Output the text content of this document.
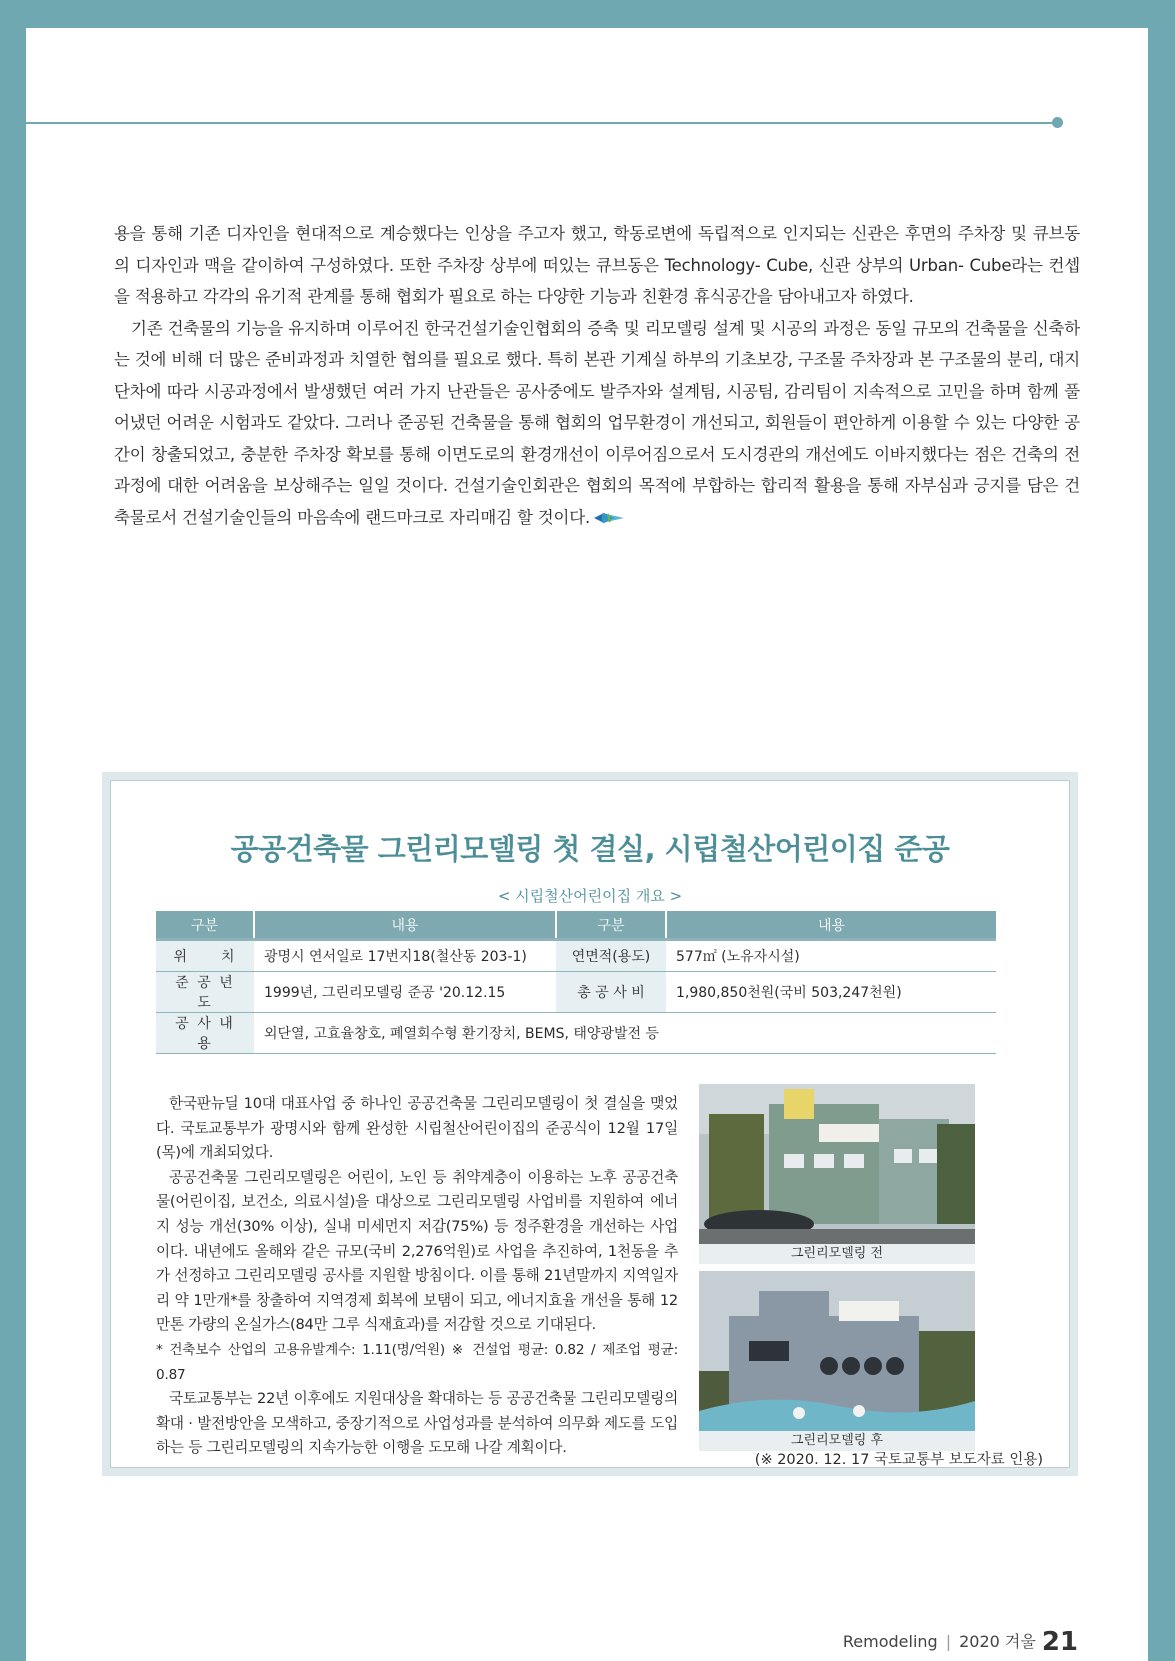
용을 통해 기존 디자인을 현대적으로 계승했다는 인상을 주고자 했고, 학동로변에 독립적으로 인지되는 신관은 후면의 주차장 및 큐브동의 디자인과 맥을 같이하여 구성하였다. 또한 주차장 상부에 떠있는 큐브동은 Technology- Cube, 신관 상부의 Urban- Cube라는 컨셉을 적용하고 각각의 유기적 관계를 통해 협회가 필요로 하는 다양한 기능과 친환경 휴식공간을 담아내고자 하였다.

기존 건축물의 기능을 유지하며 이루어진 한국건설기술인협회의 증축 및 리모델링 설계 및 시공의 과정은 동일 규모의 건축물을 신축하는 것에 비해 더 많은 준비과정과 치열한 협의를 필요로 했다. 특히 본관 기계실 하부의 기초보강, 구조물 주차장과 본 구조물의 분리, 대지 단차에 따라 시공과정에서 발생했던 여러 가지 난관들은 공사중에도 발주자와 설계팀, 시공팀, 감리팀이 지속적으로 고민을 하며 함께 풀어냈던 어려운 시험과도 같았다. 그러나 준공된 건축물을 통해 협회의 업무환경이 개선되고, 회원들이 편안하게 이용할 수 있는 다양한 공간이 창출되었고, 충분한 주차장 확보를 통해 이면도로의 환경개선이 이루어짐으로서 도시경관의 개선에도 이바지했다는 점은 건축의 전 과정에 대한 어려움을 보상해주는 일일 것이다. 건설기술인회관은 협회의 목적에 부합하는 합리적 활용을 통해 자부심과 긍지를 담은 건축물로서 건설기술인들의 마음속에 랜드마크로 자리매김 할 것이다.

공공건축물 그린리모델링 첫 결실, 시립철산어린이집 준공

< 시립철산어린이집 개요 >

구분	내용	구분	내용
위　　치	광명시 연서일로 17번지18(철산동 203-1)	연면적(용도)	577㎡ (노유자시설)
준 공 년 도	1999년, 그린리모델링 준공 '20.12.15	총 공 사 비	1,980,850천원(국비 503,247천원)
공 사 내 용	외단열, 고효율창호, 폐열회수형 환기장치, BEMS, 태양광발전 등		

한국판뉴딜 10대 대표사업 중 하나인 공공건축물 그린리모델링이 첫 결실을 맺었다. 국토교통부가 광명시와 함께 완성한 시립철산어린이집의 준공식이 12월 17일(목)에 개최되었다.

공공건축물 그린리모델링은 어린이, 노인 등 취약계층이 이용하는 노후 공공건축물(어린이집, 보건소, 의료시설)을 대상으로 그린리모델링 사업비를 지원하여 에너지 성능 개선(30% 이상), 실내 미세먼지 저감(75%) 등 정주환경을 개선하는 사업이다. 내년에도 올해와 같은 규모(국비 2,276억원)로 사업을 추진하여, 1천동을 추가 선정하고 그린리모델링 공사를 지원할 방침이다. 이를 통해 21년말까지 지역일자리 약 1만개*를 창출하여 지역경제 회복에 보탬이 되고, 에너지효율 개선을 통해 12만톤 가량의 온실가스(84만 그루 식재효과)를 저감할 것으로 기대된다.

* 건축보수 산업의 고용유발계수: 1.11(명/억원) ※ 건설업 평균: 0.82 / 제조업 평균: 0.87

국토교통부는 22년 이후에도 지원대상을 확대하는 등 공공건축물 그린리모델링의 확대 · 발전방안을 모색하고, 중장기적으로 사업성과를 분석하여 의무화 제도를 도입하는 등 그린리모델링의 지속가능한 이행을 도모해 나갈 계획이다.

그린리모델링 전
그린리모델링 후

(※ 2020. 12. 17 국토교통부 보도자료 인용)

Remodeling | 2020 겨울 21
